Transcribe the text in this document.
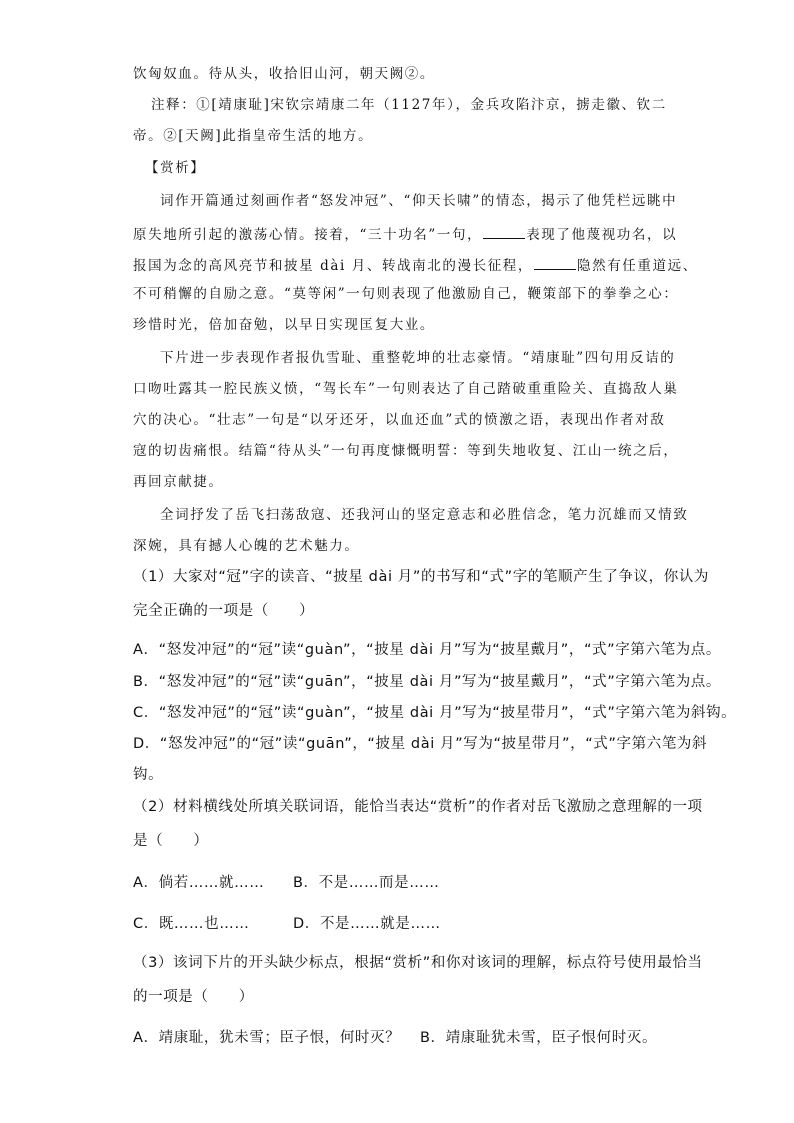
饮匈奴血。待从头，收拾旧山河，朝天阙②。
注释：①[靖康耻]宋钦宗靖康二年（1127年），金兵攻陷汴京，掳走徽、钦二
帝。②[天阙]此指皇帝生活的地方。
【赏析】
词作开篇通过刻画作者“怒发冲冠”、“仰天长啸”的情态，揭示了他凭栏远眺中
原失地所引起的激荡心情。接着，“三十功名”一句，	表现了他蔑视功名，以
报国为念的高风亮节和披星 dài 月、转战南北的漫长征程，	隐然有任重道远、
不可稍懈的自励之意。“莫等闲”一句则表现了他激励自己，鞭策部下的拳拳之心：
珍惜时光，倍加奋勉，以早日实现匡复大业。
下片进一步表现作者报仇雪耻、重整乾坤的壮志豪情。“靖康耻”四句用反诘的
口吻吐露其一腔民族义愤，“驾长车”一句则表达了自己踏破重重险关、直捣敌人巢
穴的决心。“壮志”一句是“以牙还牙，以血还血”式的愤激之语，表现出作者对敌
寇的切齿痛恨。结篇“待从头”一句再度慷慨明誓：等到失地收复、江山一统之后，
再回京献捷。
全词抒发了岳飞扫荡敌寇、还我河山的坚定意志和必胜信念，笔力沉雄而又情致
深婉，具有撼人心魄的艺术魅力。
（1）大家对“冠”字的读音、“披星 dài 月”的书写和“式”字的笔顺产生了争议，你认为
完全正确的一项是（　　）
A．“怒发冲冠”的“冠”读“guàn”，“披星 dài 月”写为“披星戴月”，“式”字第六笔为点。
B．“怒发冲冠”的“冠”读“guān”，“披星 dài 月”写为“披星戴月”，“式”字第六笔为点。
C．“怒发冲冠”的“冠”读“guàn”，“披星 dài 月”写为“披星带月”，“式”字第六笔为斜钩。
D．“怒发冲冠”的“冠”读“guān”，“披星 dài 月”写为“披星带月”，“式”字第六笔为斜
钩。
（2）材料横线处所填关联词语，能恰当表达“赏析”的作者对岳飞激励之意理解的一项
是（　　）
A．倘若……就…… B．不是……而是……
C．既……也……	D．不是……就是……
（3）该词下片的开头缺少标点，根据“赏析”和你对该词的理解，标点符号使用最恰当
的一项是（　　）
A．靖康耻，犹未雪；臣子恨，何时灭？ B．靖康耻犹未雪，臣子恨何时灭。
